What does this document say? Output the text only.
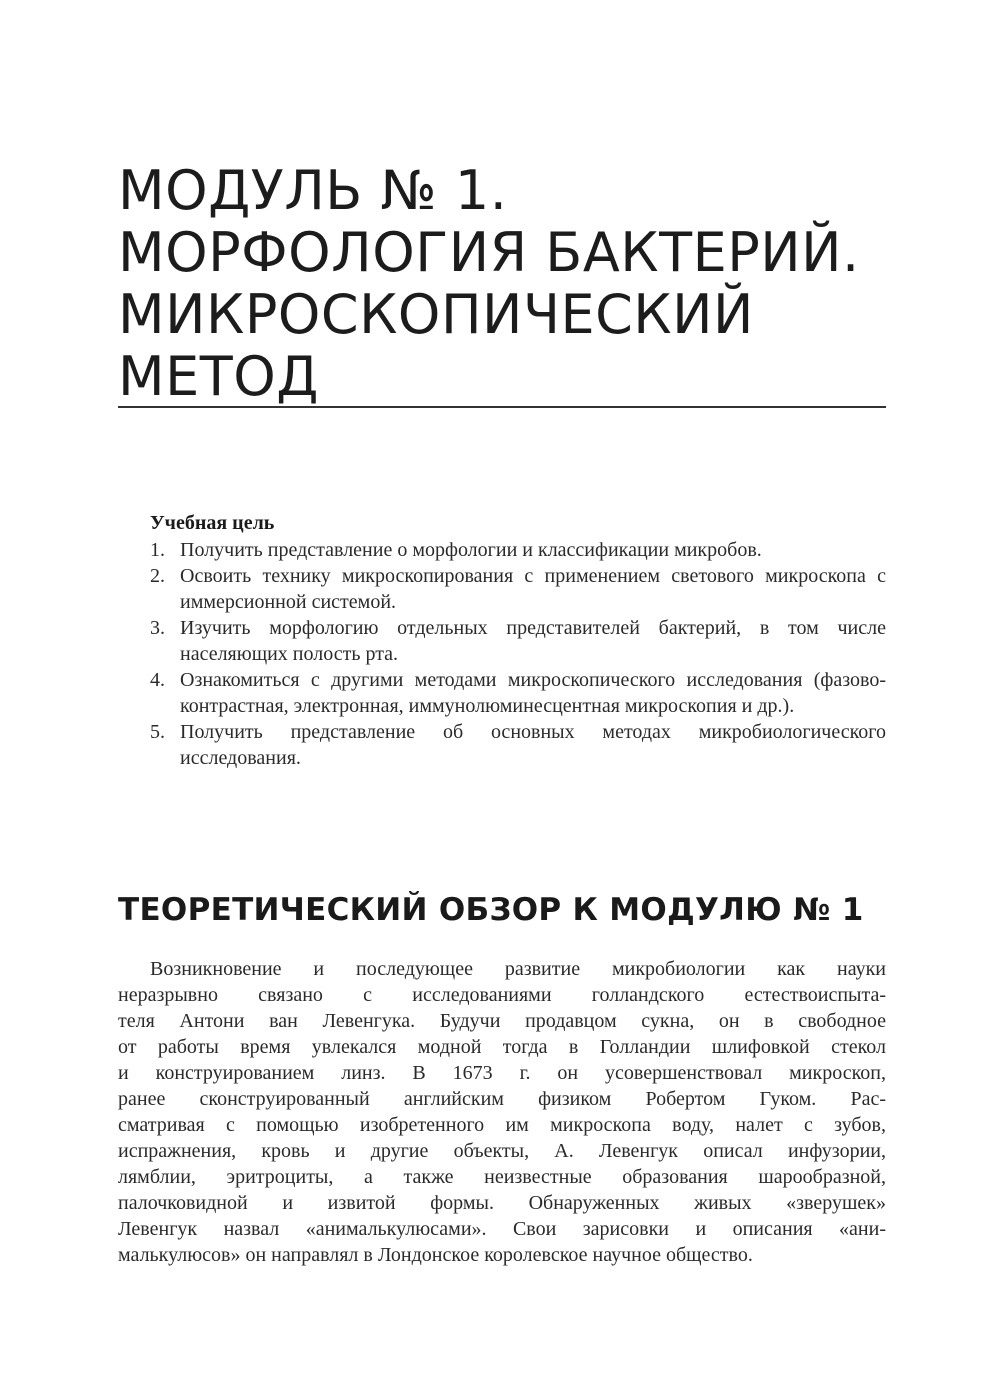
МОДУЛЬ № 1.
МОРФОЛОГИЯ БАКТЕРИЙ.
МИКРОСКОПИЧЕСКИЙ
МЕТОД

Учебная цель

1. Получить представление о морфологии и классификации микробов.
2. Освоить технику микроскопирования с применением светового микроскопа с иммерсионной системой.
3. Изучить морфологию отдельных представителей бактерий, в том числе населяющих полость рта.
4. Ознакомиться с другими методами микроскопического исследования (фазово-контрастная, электронная, иммунолюминесцентная микроскопия и др.).
5. Получить представление об основных методах микробиологического исследования.
ТЕОРЕТИЧЕСКИЙ ОБЗОР К МОДУЛЮ № 1
Возникновение и последующее развитие микробиологии как науки
неразрывно связано с исследованиями голландского естествоиспыта-
теля Антони ван Левенгука. Будучи продавцом сукна, он в свободное
от работы время увлекался модной тогда в Голландии шлифовкой стекол
и конструированием линз. В 1673 г. он усовершенствовал микроскоп,
ранее сконструированный английским физиком Робертом Гуком. Рас-
сматривая с помощью изобретенного им микроскопа воду, налет с зубов,
испражнения, кровь и другие объекты, А. Левенгук описал инфузории,
лямблии, эритроциты, а также неизвестные образования шарообразной,
палочковидной и извитой формы. Обнаруженных живых «зверушек»
Левенгук назвал «анималькулюсами». Свои зарисовки и описания «ани-
малькулюсов» он направлял в Лондонское королевское научное общество.
